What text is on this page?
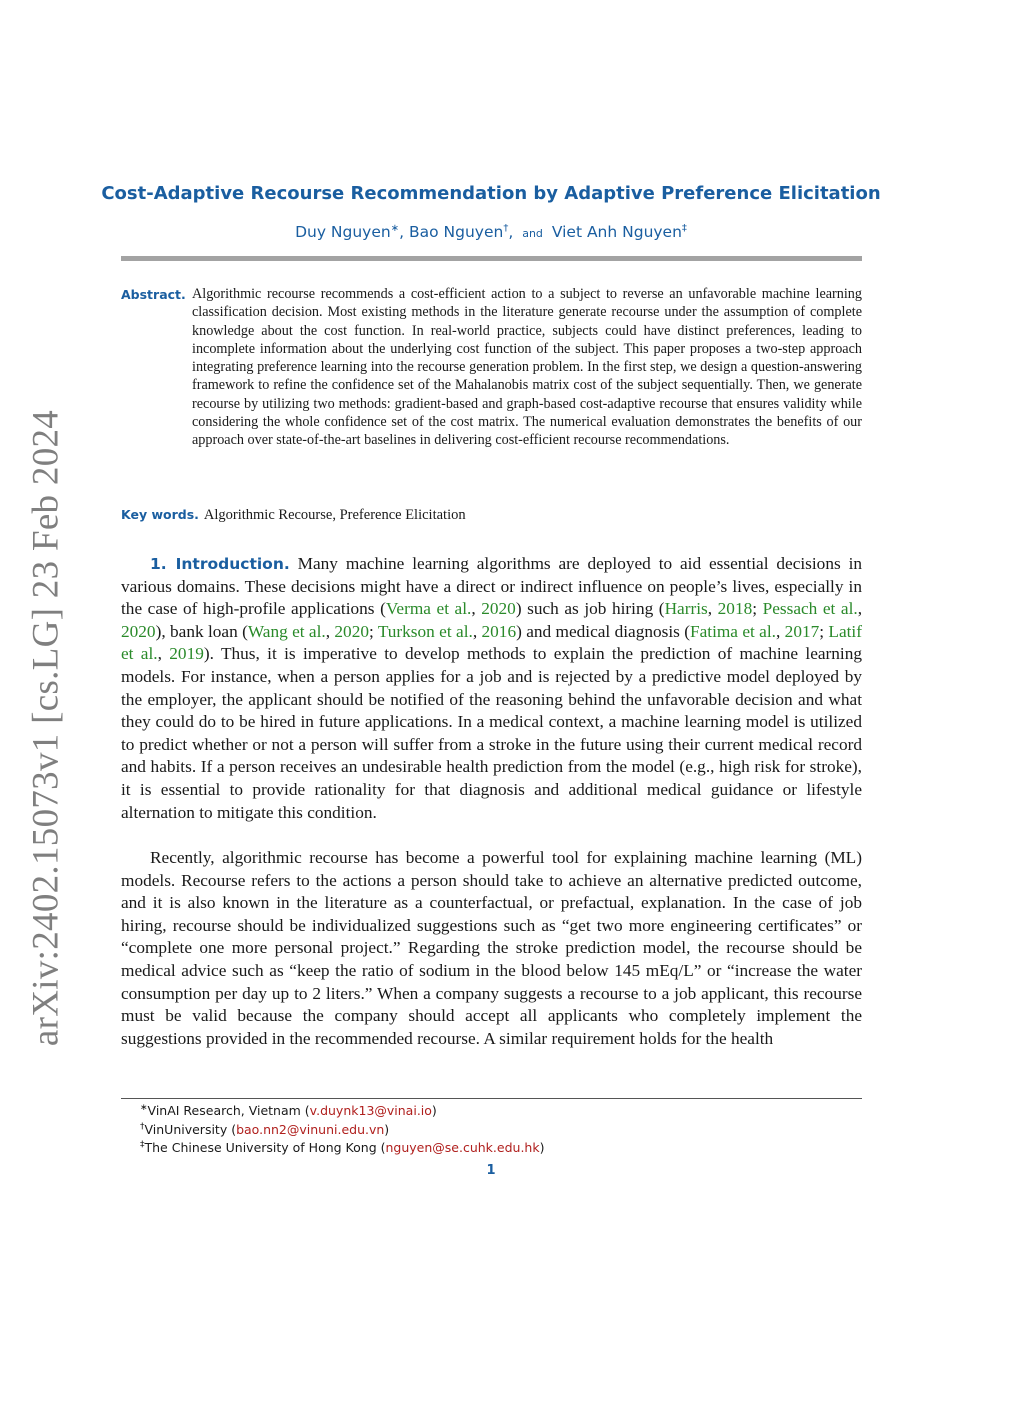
arXiv:2402.15073v1 [cs.LG] 23 Feb 2024
Cost-Adaptive Recourse Recommendation by Adaptive Preference Elicitation
Duy Nguyen∗, Bao Nguyen†, and Viet Anh Nguyen‡
Abstract. Algorithmic recourse recommends a cost-efficient action to a subject to reverse an unfavorable machine learning classification decision. Most existing methods in the literature generate recourse under the assumption of complete knowledge about the cost function. In real-world practice, subjects could have distinct preferences, leading to incomplete information about the underlying cost function of the subject. This paper proposes a two-step approach integrating preference learning into the recourse generation problem. In the first step, we design a question-answering framework to refine the confidence set of the Mahalanobis matrix cost of the subject sequentially. Then, we generate recourse by utilizing two methods: gradient-based and graph-based cost-adaptive recourse that ensures validity while considering the whole confidence set of the cost matrix. The numerical evaluation demonstrates the benefits of our approach over state-of-the-art baselines in delivering cost-efficient recourse recommendations.

Key words. Algorithmic Recourse, Preference Elicitation

1. Introduction. Many machine learning algorithms are deployed to aid essential decisions in various domains. These decisions might have a direct or indirect influence on people’s lives, especially in the case of high-profile applications (Verma et al., 2020) such as job hiring (Harris, 2018; Pessach et al., 2020), bank loan (Wang et al., 2020; Turkson et al., 2016) and medical diagnosis (Fatima et al., 2017; Latif et al., 2019). Thus, it is imperative to develop methods to explain the prediction of machine learning models. For instance, when a person applies for a job and is rejected by a predictive model deployed by the employer, the applicant should be notified of the reasoning behind the unfavorable decision and what they could do to be hired in future applications. In a medical context, a machine learning model is utilized to predict whether or not a person will suffer from a stroke in the future using their current medical record and habits. If a person receives an undesirable health prediction from the model (e.g., high risk for stroke), it is essential to provide rationality for that diagnosis and additional medical guidance or lifestyle alternation to mitigate this condition.

Recently, algorithmic recourse has become a powerful tool for explaining machine learning (ML) models. Recourse refers to the actions a person should take to achieve an alternative predicted outcome, and it is also known in the literature as a counterfactual, or prefactual, explanation. In the case of job hiring, recourse should be individualized suggestions such as “get two more engineering certificates” or “complete one more personal project.” Regarding the stroke prediction model, the recourse should be medical advice such as “keep the ratio of sodium in the blood below 145 mEq/L” or “increase the water consumption per day up to 2 liters.” When a company suggests a recourse to a job applicant, this recourse must be valid because the company should accept all applicants who completely implement the suggestions provided in the recommended recourse. A similar requirement holds for the health

∗VinAI Research, Vietnam (v.duynk13@vinai.io)
†VinUniversity (bao.nn2@vinuni.edu.vn)
‡The Chinese University of Hong Kong (nguyen@se.cuhk.edu.hk)
1
